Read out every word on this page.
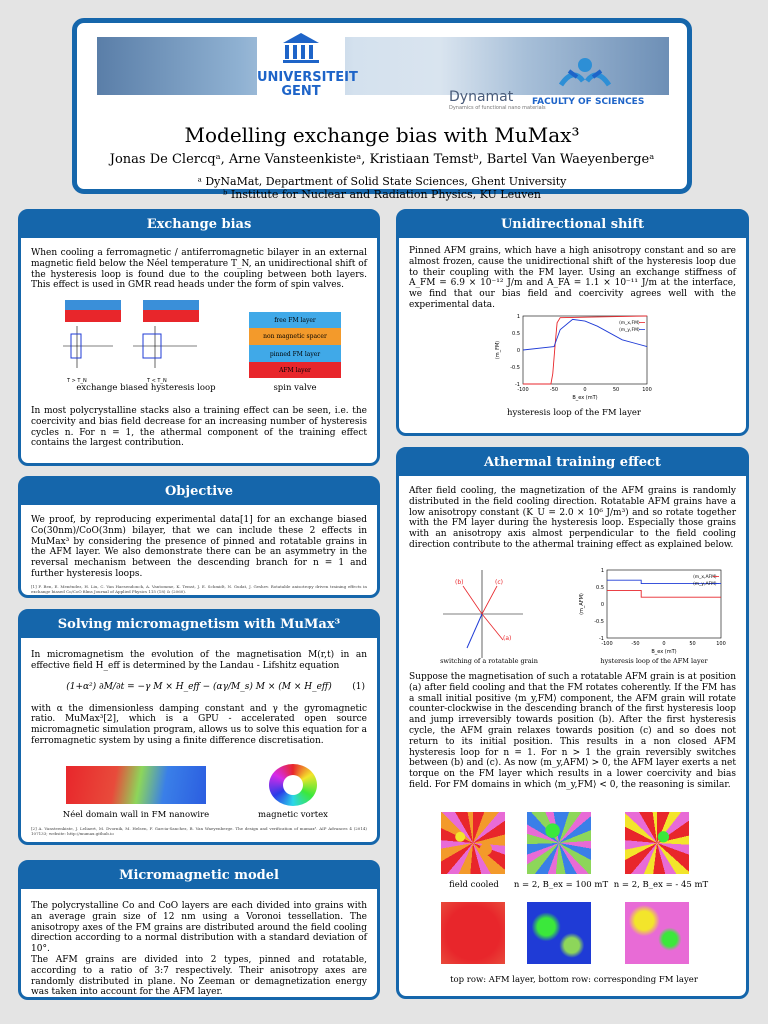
UNIVERSITEIT GENT	Dynamat
Dynamics of functional nano materials
FACULTY OF SCIENCES
Modelling exchange bias with MuMax³
Jonas De Clercqᵃ, Arne Vansteenkisteᵃ, Kristiaan Temstᵇ, Bartel Van Waeyenbergeᵃ
ᵃ DyNaMat, Department of Solid State Sciences, Ghent University
ᵇ Institute for Nuclear and Radiation Physics, KU Leuven
Exchange bias

When cooling a ferromagnetic / antiferromagnetic bilayer in an external magnetic field below the Néel temperature T_N, an unidirectional shift of the hysteresis loop is found due to the coupling between both layers. This effect is used in GMR read heads under the form of spin valves.

T > T_N	T < T_N
free FM layer
non magnetic spacer
pinned FM layer
AFM layer
exchange biased hysteresis loop	spin valve

In most polycrystalline stacks also a training effect can be seen, i.e. the coercivity and bias field decrease for an increasing number of hysteresis cycles n. For n = 1, the athermal component of the training effect contains the largest contribution.

Objective

We proof, by reproducing experimental data[1] for an exchange biased Co(30nm)/CoO(3nm) bilayer, that we can include these 2 effects in MuMax³ by considering the presence of pinned and rotatable grains in the AFM layer. We also demonstrate there can be an asymmetry in the reversal mechanism between the descending branch for n = 1 and further hysteresis loops.

[1] F. Ben, E. Menéndez, H. Liu, C. Van Haesendonck, A. Vantomme, K. Temst, J. E. Schmidt, N. Gudat, J. Geshev. Rotatable anisotropy driven training effects in exchange biased Co/CoO films Journal of Applied Physics 115 (18) & (2060).

Solving micromagnetism with MuMax³

In micromagnetism the evolution of the magnetisation M(r,t) in an effective field H_eff is determined by the Landau - Lifshitz equation

(1+α²) ∂M/∂t = −γ M × H_eff − (αγ/M_s) M × (M × H_eff)	(1)

with α the dimensionless damping constant and γ the gyromagnetic ratio. MuMax³[2], which is a GPU - accelerated open source micromagnetic simulation program, allows us to solve this equation for a ferromagnetic system by using a finite difference discretisation.

Néel domain wall in FM nanowire	magnetic vortex

[2] A. Vansteenkiste, J. Leliaert, M. Dvornik, M. Helsen, F. Garcia-Sanchez, B. Van Waeyenberge. The design and verification of mumax³. AIP Advances 4 (2014) 107133; website: http://mumax.github.io

Micromagnetic model

The polycrystalline Co and CoO layers are each divided into grains with an average grain size of 12 nm using a Voronoi tessellation. The anisotropy axes of the FM grains are distributed around the field cooling direction according to a normal distribution with a standard deviation of 10°.

The AFM grains are divided into 2 types, pinned and rotatable, according to a ratio of 3:7 respectively. Their anisotropy axes are randomly distributed in plane. No Zeeman or demagnetization energy was taken into account for the AFM layer.

Unidirectional shift

Pinned AFM grains, which have a high anisotropy constant and so are almost frozen, cause the unidirectional shift of the hysteresis loop due to their coupling with the FM layer. Using an exchange stiffness of A_FM = 6.9 × 10⁻¹² J/m and A_FA = 1.1 × 10⁻¹¹ J/m at the interface, we find that our bias field and coercivity agrees well with the experimental data.

-100	-50	0	50	100
1
0.5
0
-0.5
-1
B_ex (mT)
⟨m_FM⟩
⟨m_x,FM⟩
⟨m_y,FM⟩
hysteresis loop of the FM layer
Athermal training effect

After field cooling, the magnetization of the AFM grains is randomly distributed in the field cooling direction. Rotatable AFM grains have a low anisotropy constant (K_U = 2.0 × 10⁶ J/m³) and so rotate together with the FM layer during the hysteresis loop. Especially those grains with an anisotropy axis almost perpendicular to the field cooling direction contribute to the athermal training effect as explained below.

(b)	(c)
(a)
-100	-50	0	50	100
1
0.5
0
-0.5
-1
B_ex (mT)
⟨m_AFM⟩
⟨m_x,AFM⟩
⟨m_y,AFM⟩
switching of a rotatable grain	hysteresis loop of the AFM layer

Suppose the magnetisation of such a rotatable AFM grain is at position (a) after field cooling and that the FM rotates coherently. If the FM has a small initial positive ⟨m_y,FM⟩ component, the AFM grain will rotate counter-clockwise in the descending branch of the first hysteresis loop and jump irreversibly towards position (b). After the first hysteresis cycle, the AFM grain relaxes towards position (c) and so does not return to its initial position. This results in a non closed AFM hysteresis loop for n = 1. For n > 1 the grain reversibly switches between (b) and (c). As now ⟨m_y,AFM⟩ > 0, the AFM layer exerts a net torque on the FM layer which results in a lower coercivity and bias field. For FM domains in which ⟨m_y,FM⟩ < 0, the reasoning is similar.

field cooled	n = 2, B_ex = 100 mT n = 2, B_ex = - 45 mT
top row: AFM layer, bottom row: corresponding FM layer
